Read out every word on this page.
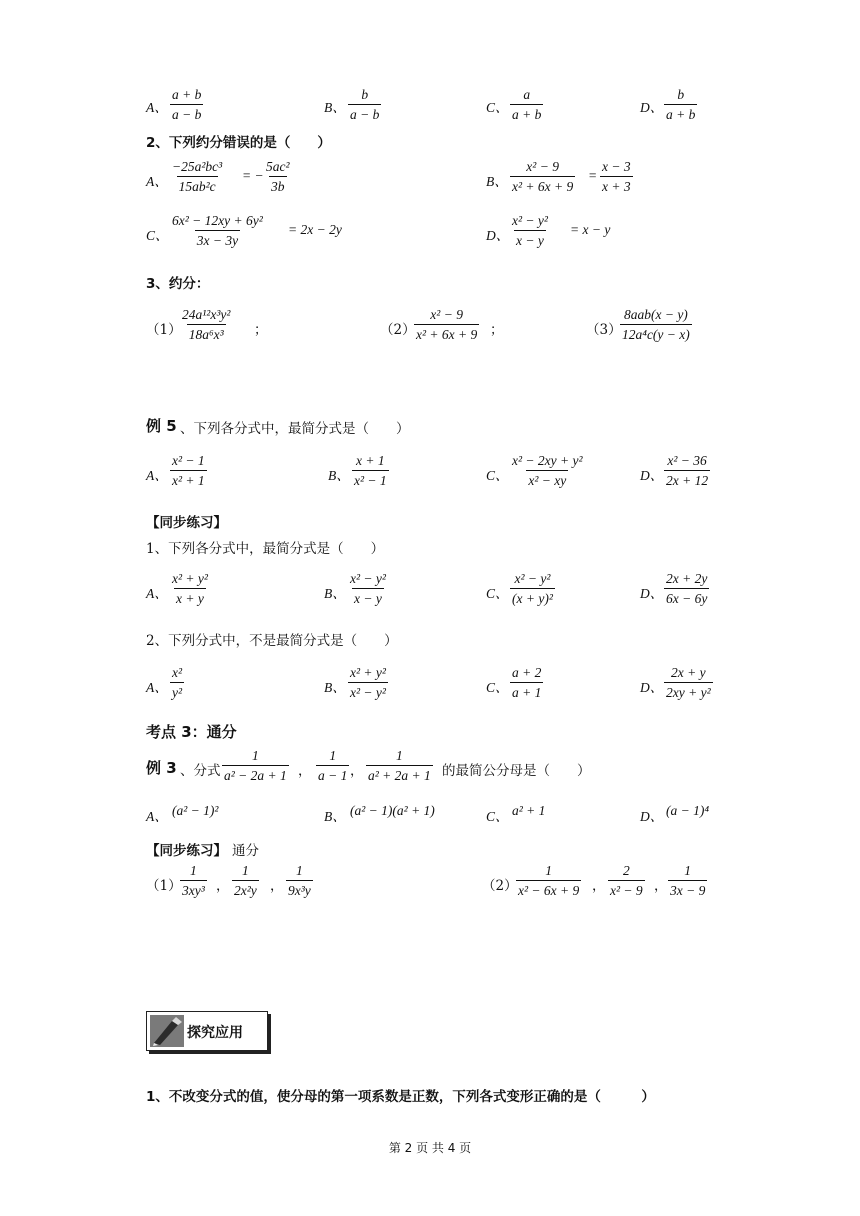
A、 $\frac{a + b}{a - b}$	B、 $\frac{b}{a - b}$	C、 $\frac{a}{a + b}$	D、 $\frac{b}{a + b}$
2、下列约分错误的是（　　）
A、 $\frac{\text{−25a²bc³}}{\text{15ab²c}}$ = − $\frac{\text{5ac²}}{3b}$	B、 $\frac{\text{x² − 9}}{\text{x² + 6x + 9}} = \frac{x - 3}{x + 3}$
C、 $\frac{\text{6x² − 12xy + 6y²}}{3x - 3y} = 2x - 2y$	D、 $\frac{\text{x² − y²}}{x - y} = x - y$
3、约分：
（1）
$\frac{\text{24a¹²x³y²}}{\text{18a⁶x³}}$ ；	（2）
$\frac{\text{x² − 9}}{\text{x² + 6x + 9}}$ ；	（3）
8aab(x − y)
12a⁴c(y − x)
例 5 、下列各分式中，最简分式是（　　）
A、 $\frac{\text{x² − 1}}{\text{x² + 1}}$	B、 $\frac{x + 1}{\text{x² − 1}}$	C、 $\frac{\text{x² − 2xy + y²}}{\text{x² − xy}}$	D、 $\frac{\text{x² − 36}}{2x + 12}$
【同步练习】
1、下列各分式中，最简分式是（　　）
A、 $\frac{\text{x² + y²}}{x + y}$	B、 $\frac{\text{x² − y²}}{x - y}$	C、 $\frac{\text{x² − y²}}{\text{(x + y)²}}$	D、 $\frac{2x + 2y}{6x - 6y}$
2、下列分式中，不是最简分式是（　　）
A、 $\frac{\text{x²}}{\text{y²}}$	B、 $\frac{\text{x² + y²}}{\text{x² − y²}}$	C、 $\frac{a + 2}{a + 1}$	D、 $\frac{2x + y}{\text{2xy + y²}}$
考点 3：通分
例 3 、分式 $\frac{1}{\text{a² − 2a + 1}}$ ， $\frac{1}{a - 1}$ ， $\frac{1}{\text{a² + 2a + 1}}$ 的最简公分母是（　　）
A、 (a² − 1)²	B、 (a² − 1)(a² + 1)	C、 a² + 1	D、 (a − 1)⁴
【同步练习】 通分
（1）
$\frac{1}{\text{3xy³}}$ ， $\frac{1}{\text{2x²y}}$ ， $\frac{1}{\text{9x³y}}$	（2）
$\frac{1}{\text{x² − 6x + 9}}$ ， $\frac{2}{\text{x² − 9}}$ ， $\frac{1}{3x - 9}$
探究应用
1、不改变分式的值，使分母的第一项系数是正数，下列各式变形正确的是（　　　）
第 2 页 共 4 页
